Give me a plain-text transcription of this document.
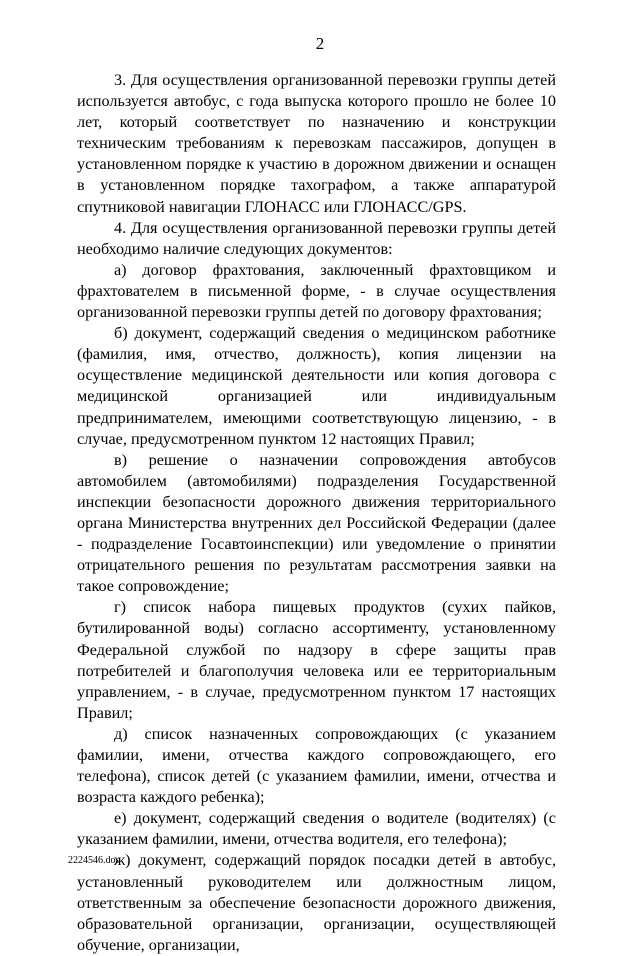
2

3. Для осуществления организованной перевозки группы детей используется автобус, с года выпуска которого прошло не более 10 лет, который соответствует по назначению и конструкции техническим требованиям к перевозкам пассажиров, допущен в установленном порядке к участию в дорожном движении и оснащен в установленном порядке тахографом, а также аппаратурой спутниковой навигации ГЛОНАСС или ГЛОНАСС/GPS.

4. Для осуществления организованной перевозки группы детей необходимо наличие следующих документов:

а) договор фрахтования, заключенный фрахтовщиком и фрахтователем в письменной форме, - в случае осуществления организованной перевозки группы детей по договору фрахтования;

б) документ, содержащий сведения о медицинском работнике (фамилия, имя, отчество, должность), копия лицензии на осуществление медицинской деятельности или копия договора с медицинской организацией или индивидуальным предпринимателем, имеющими соответствующую лицензию, - в случае, предусмотренном пунктом 12 настоящих Правил;

в) решение о назначении сопровождения автобусов автомобилем (автомобилями) подразделения Государственной инспекции безопасности дорожного движения территориального органа Министерства внутренних дел Российской Федерации (далее - подразделение Госавтоинспекции) или уведомление о принятии отрицательного решения по результатам рассмотрения заявки на такое сопровождение;

г) список набора пищевых продуктов (сухих пайков, бутилированной воды) согласно ассортименту, установленному Федеральной службой по надзору в сфере защиты прав потребителей и благополучия человека или ее территориальным управлением, - в случае, предусмотренном пунктом 17 настоящих Правил;

д) список назначенных сопровождающих (с указанием фамилии, имени, отчества каждого сопровождающего, его телефона), список детей (с указанием фамилии, имени, отчества и возраста каждого ребенка);

е) документ, содержащий сведения о водителе (водителях) (с указанием фамилии, имени, отчества водителя, его телефона);

ж) документ, содержащий порядок посадки детей в автобус, установленный руководителем или должностным лицом, ответственным за обеспечение безопасности дорожного движения, образовательной организации, организации, осуществляющей обучение, организации,

2224546.doc
